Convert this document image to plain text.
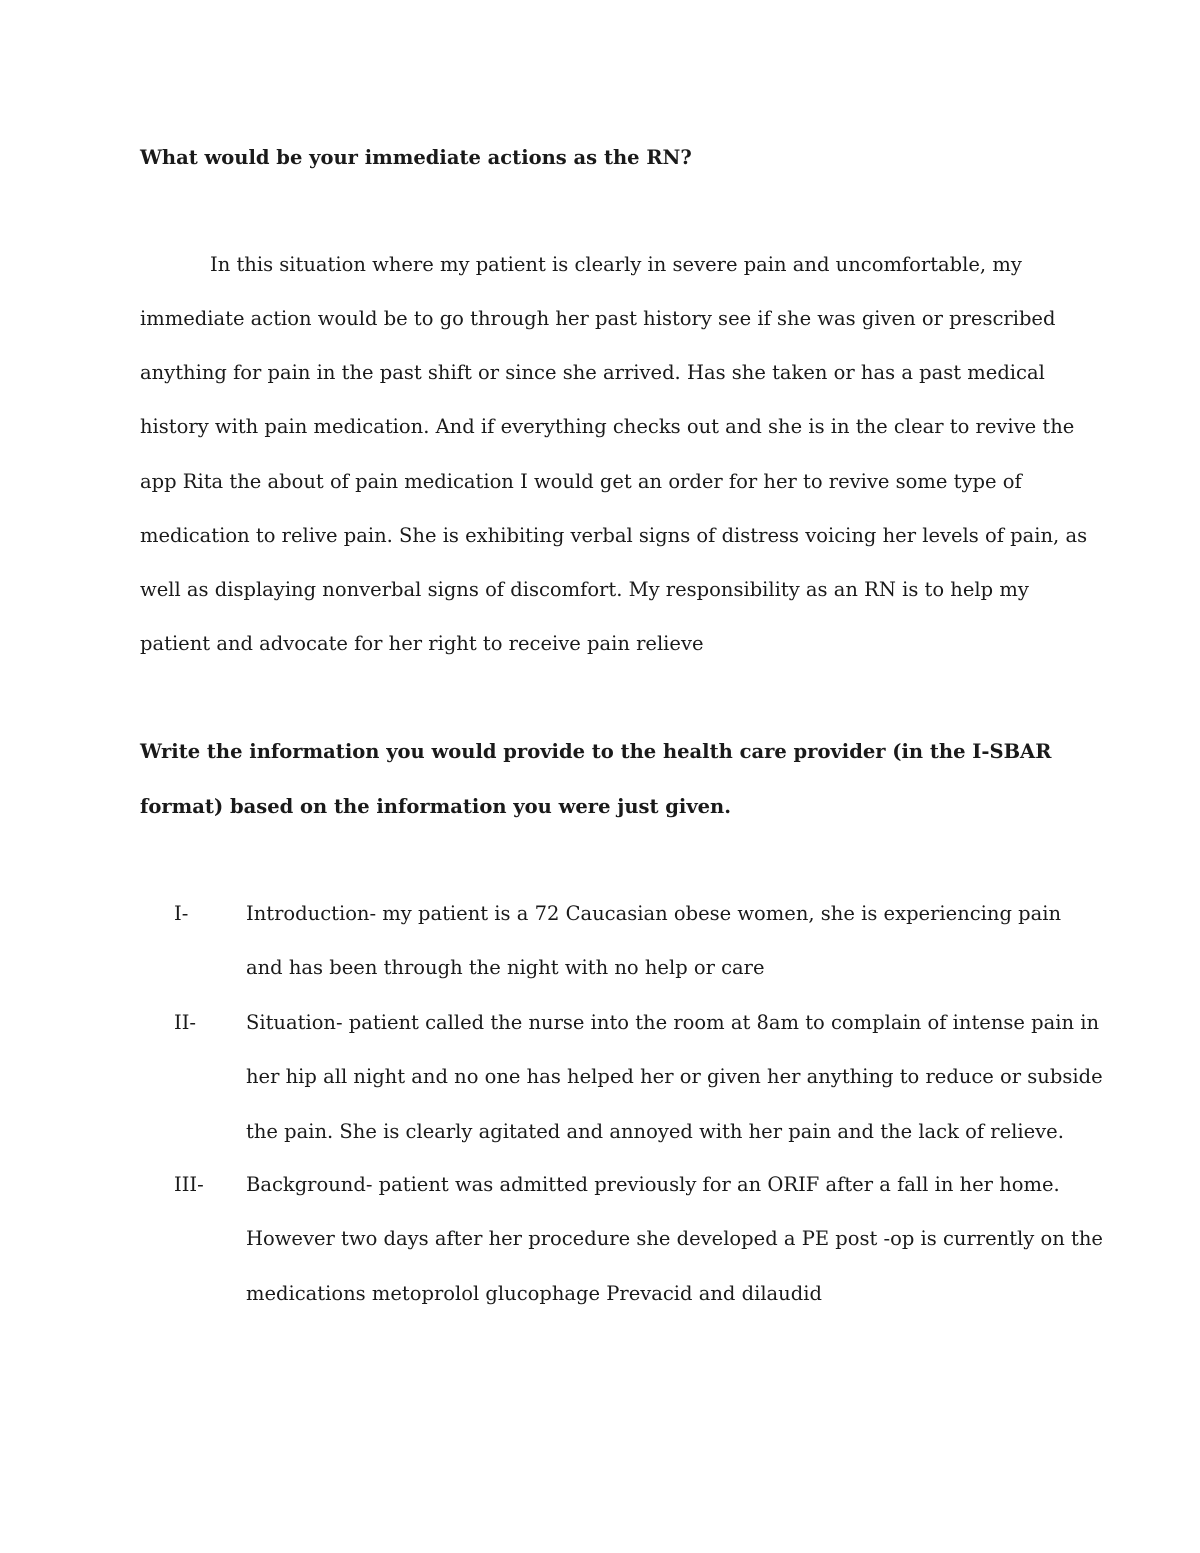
What would be your immediate actions as the RN?
In this situation where my patient is clearly in severe pain and uncomfortable, my
immediate action would be to go through her past history see if she was given or prescribed
anything for pain in the past shift or since she arrived. Has she taken or has a past medical
history with pain medication. And if everything checks out and she is in the clear to revive the
app Rita the about of pain medication I would get an order for her to revive some type of
medication to relive pain. She is exhibiting verbal signs of distress voicing her levels of pain, as
well as displaying nonverbal signs of discomfort. My responsibility as an RN is to help my
patient and advocate for her right to receive pain relieve
Write the information you would provide to the health care provider (in the I-SBAR
format) based on the information you were just given.
I-	Introduction- my patient is a 72 Caucasian obese women, she is experiencing pain
and has been through the night with no help or care
II-	Situation- patient called the nurse into the room at 8am to complain of intense pain in
her hip all night and no one has helped her or given her anything to reduce or subside
the pain. She is clearly agitated and annoyed with her pain and the lack of relieve.
III- Background- patient was admitted previously for an ORIF after a fall in her home.
However two days after her procedure she developed a PE post -op is currently on the
medications metoprolol glucophage Prevacid and dilaudid
